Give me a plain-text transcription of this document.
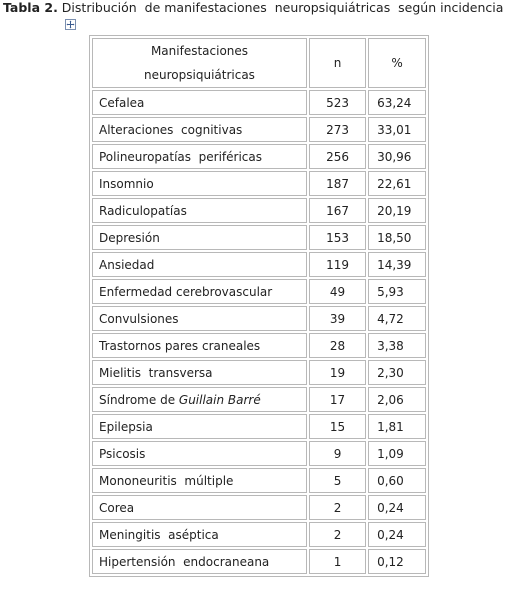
Tabla 2. Distribución  de manifestaciones  neuropsiquiátricas  según incidencia
Manifestaciones
neuropsiquiátricas	n	%
Cefalea	523	63,24
Alteraciones  cognitivas	273	33,01
Polineuropatías  periféricas	256	30,96
Insomnio	187	22,61
Radiculopatías	167	20,19
Depresión	153	18,50
Ansiedad	119	14,39
Enfermedad cerebrovascular	49	5,93
Convulsiones	39	4,72
Trastornos pares craneales	28	3,38
Mielitis  transversa	19	2,30
Síndrome de Guillain Barré	17	2,06
Epilepsia	15	1,81
Psicosis	9	1,09
Mononeuritis  múltiple	5	0,60
Corea	2	0,24
Meningitis  aséptica	2	0,24
Hipertensión  endocraneana	1	0,12
